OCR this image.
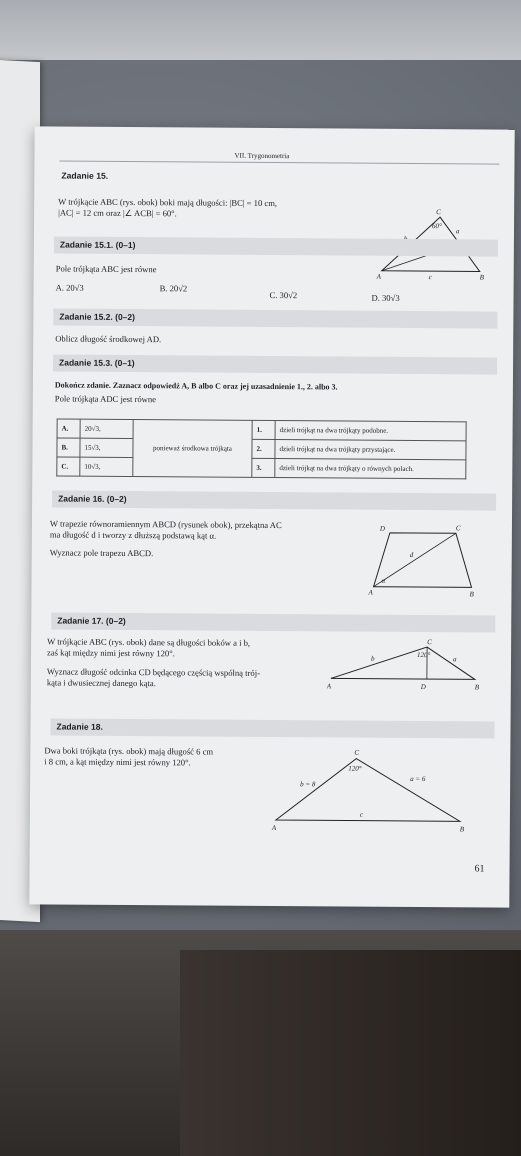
VII. Trygonometria
Zadanie 15.
W trójkącie ABC (rys. obok) boki mają długości: |BC| = 10 cm,
|AC| = 12 cm oraz |∠ ACB| = 60°.
A	B
C
a
c
60°
Zadanie 15.1. (0–1)
Pole trójkąta ABC jest równe
A. 20√3	B. 20√2
C. 30√2	D. 30√3
Zadanie 15.2. (0–2)
Oblicz długość środkowej AD.
Zadanie 15.3. (0–1)
Dokończ zdanie. Zaznacz odpowiedź A, B albo C oraz jej uzasadnienie 1., 2. albo 3.
Pole trójkąta ADC jest równe
A.	20√3,	ponieważ środkowa trójkąta	1.	dzieli trójkąt na dwa trójkąty podobne.
B.	15√3,		2.	dzieli trójkąt na dwa trójkąty przystające.
C.	10√3,		3.	dzieli trójkąt na dwa trójkąty o równych polach.
Zadanie 16. (0–2)
W trapezie równoramiennym ABCD (rysunek obok), przekątna AC
ma długość d i tworzy z dłuższą podstawą kąt α.
Wyznacz pole trapezu ABCD.
A	B
C
D
d
α
Zadanie 17. (0–2)
W trójkącie ABC (rys. obok) dane są długości boków a i b,
zaś kąt między nimi jest równy 120°.
Wyznacz długość odcinka CD będącego częścią wspólną trój-
kąta i dwusiecznej danego kąta.	A	B
C
D
b	a
120°
Zadanie 18.
Dwa boki trójkąta (rys. obok) mają długość 6 cm
i 8 cm, a kąt między nimi jest równy 120°.
A	B
C
b = 8
a = 6
c
120°
61
